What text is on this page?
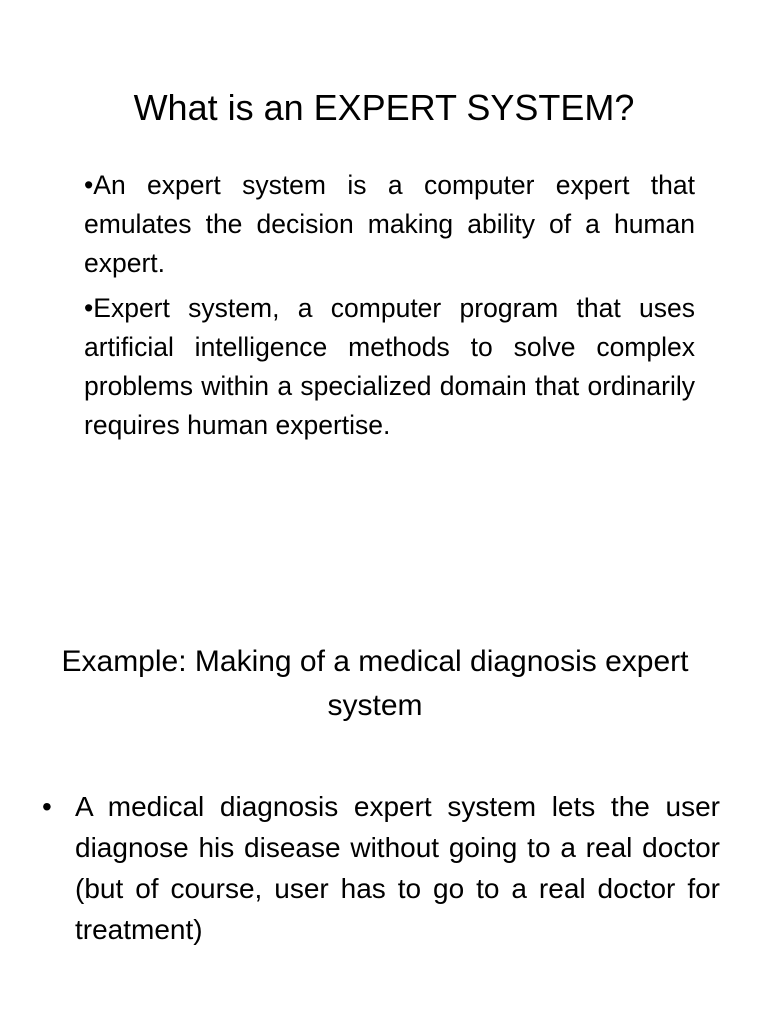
What is an EXPERT SYSTEM?
•An expert system is a computer expert that emulates the decision making ability of a human expert.
•Expert system, a computer program that uses artificial intelligence methods to solve complex problems within a specialized domain that ordinarily requires human expertise.
Example: Making of a medical diagnosis expert system
• A medical diagnosis expert system lets the user diagnose his disease without going to a real doctor (but of course, user has to go to a real doctor for treatment)
